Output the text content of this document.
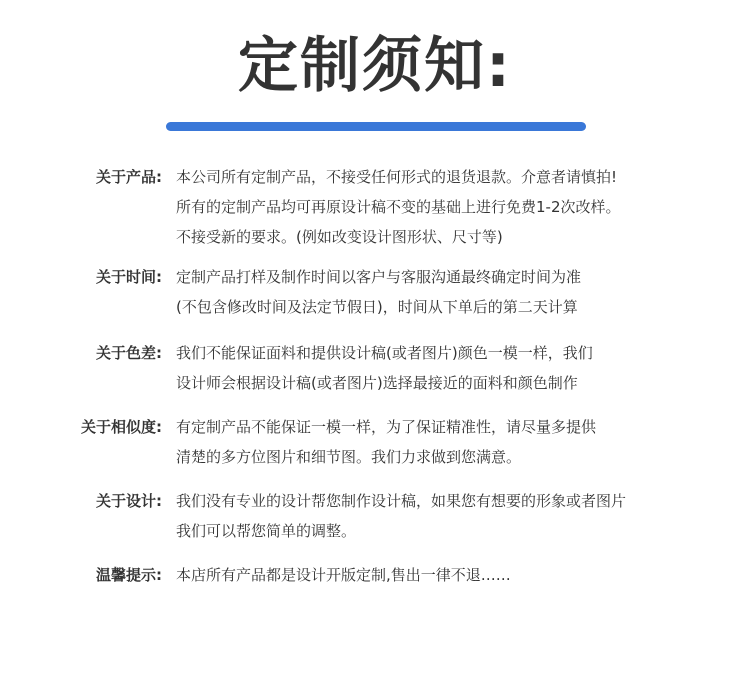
定制须知:
关于产品: 本公司所有定制产品，不接受任何形式的退货退款。介意者请慎拍!
所有的定制产品均可再原设计稿不变的基础上进行免费1-2次改样。
不接受新的要求。(例如改变设计图形状、尺寸等)
关于时间: 定制产品打样及制作时间以客户与客服沟通最终确定时间为准
(不包含修改时间及法定节假日)，时间从下单后的第二天计算
关于色差: 我们不能保证面料和提供设计稿(或者图片)颜色一模一样，我们
设计师会根据设计稿(或者图片)选择最接近的面料和颜色制作
关于相似度: 有定制产品不能保证一模一样，为了保证精准性，请尽量多提供
清楚的多方位图片和细节图。我们力求做到您满意。
关于设计: 我们没有专业的设计帮您制作设计稿，如果您有想要的形象或者图片
我们可以帮您简单的调整。
温馨提示: 本店所有产品都是设计开版定制,售出一律不退……
